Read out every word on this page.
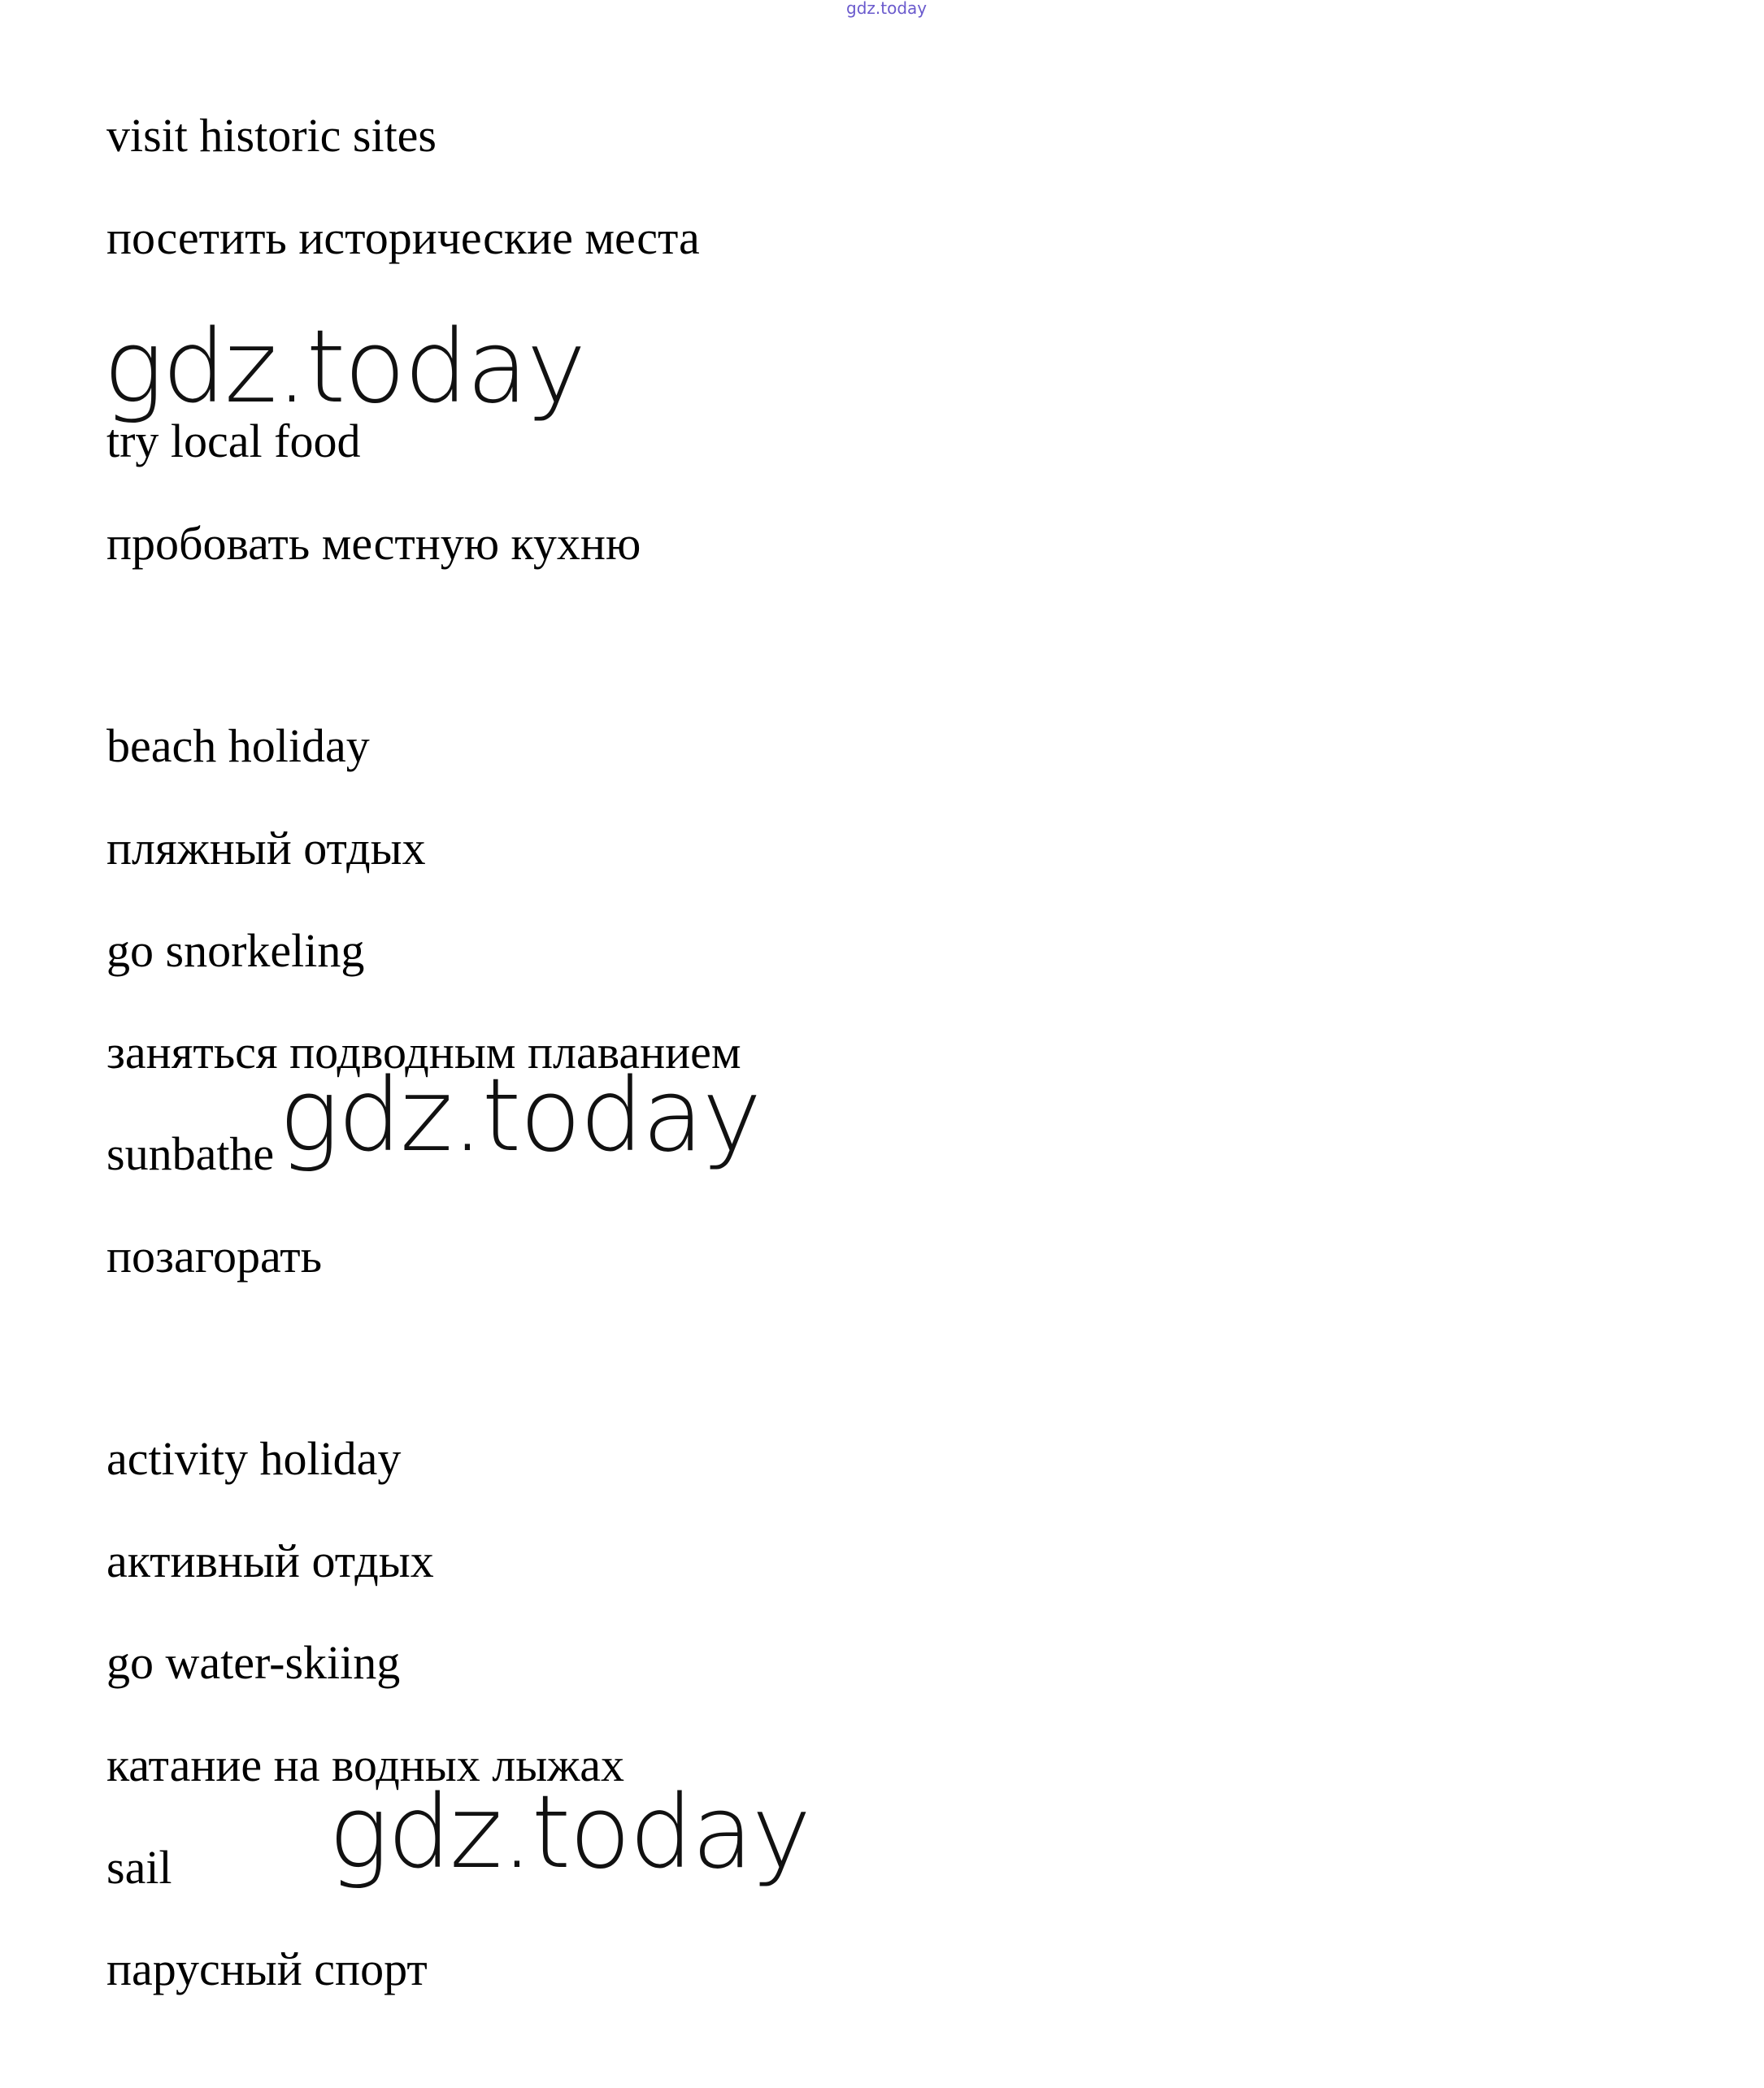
gdz.today
visit historic sites
посетить исторические места
gdz.today
try local food
пробовать местную кухню
beach holiday
пляжный отдых
go snorkeling
заняться подводным плаванием
gdz.today
sunbathe
позагорать
activity holiday
активный отдых
go water-skiing
катание на водных лыжах
gdz.today
sail
парусный спорт
